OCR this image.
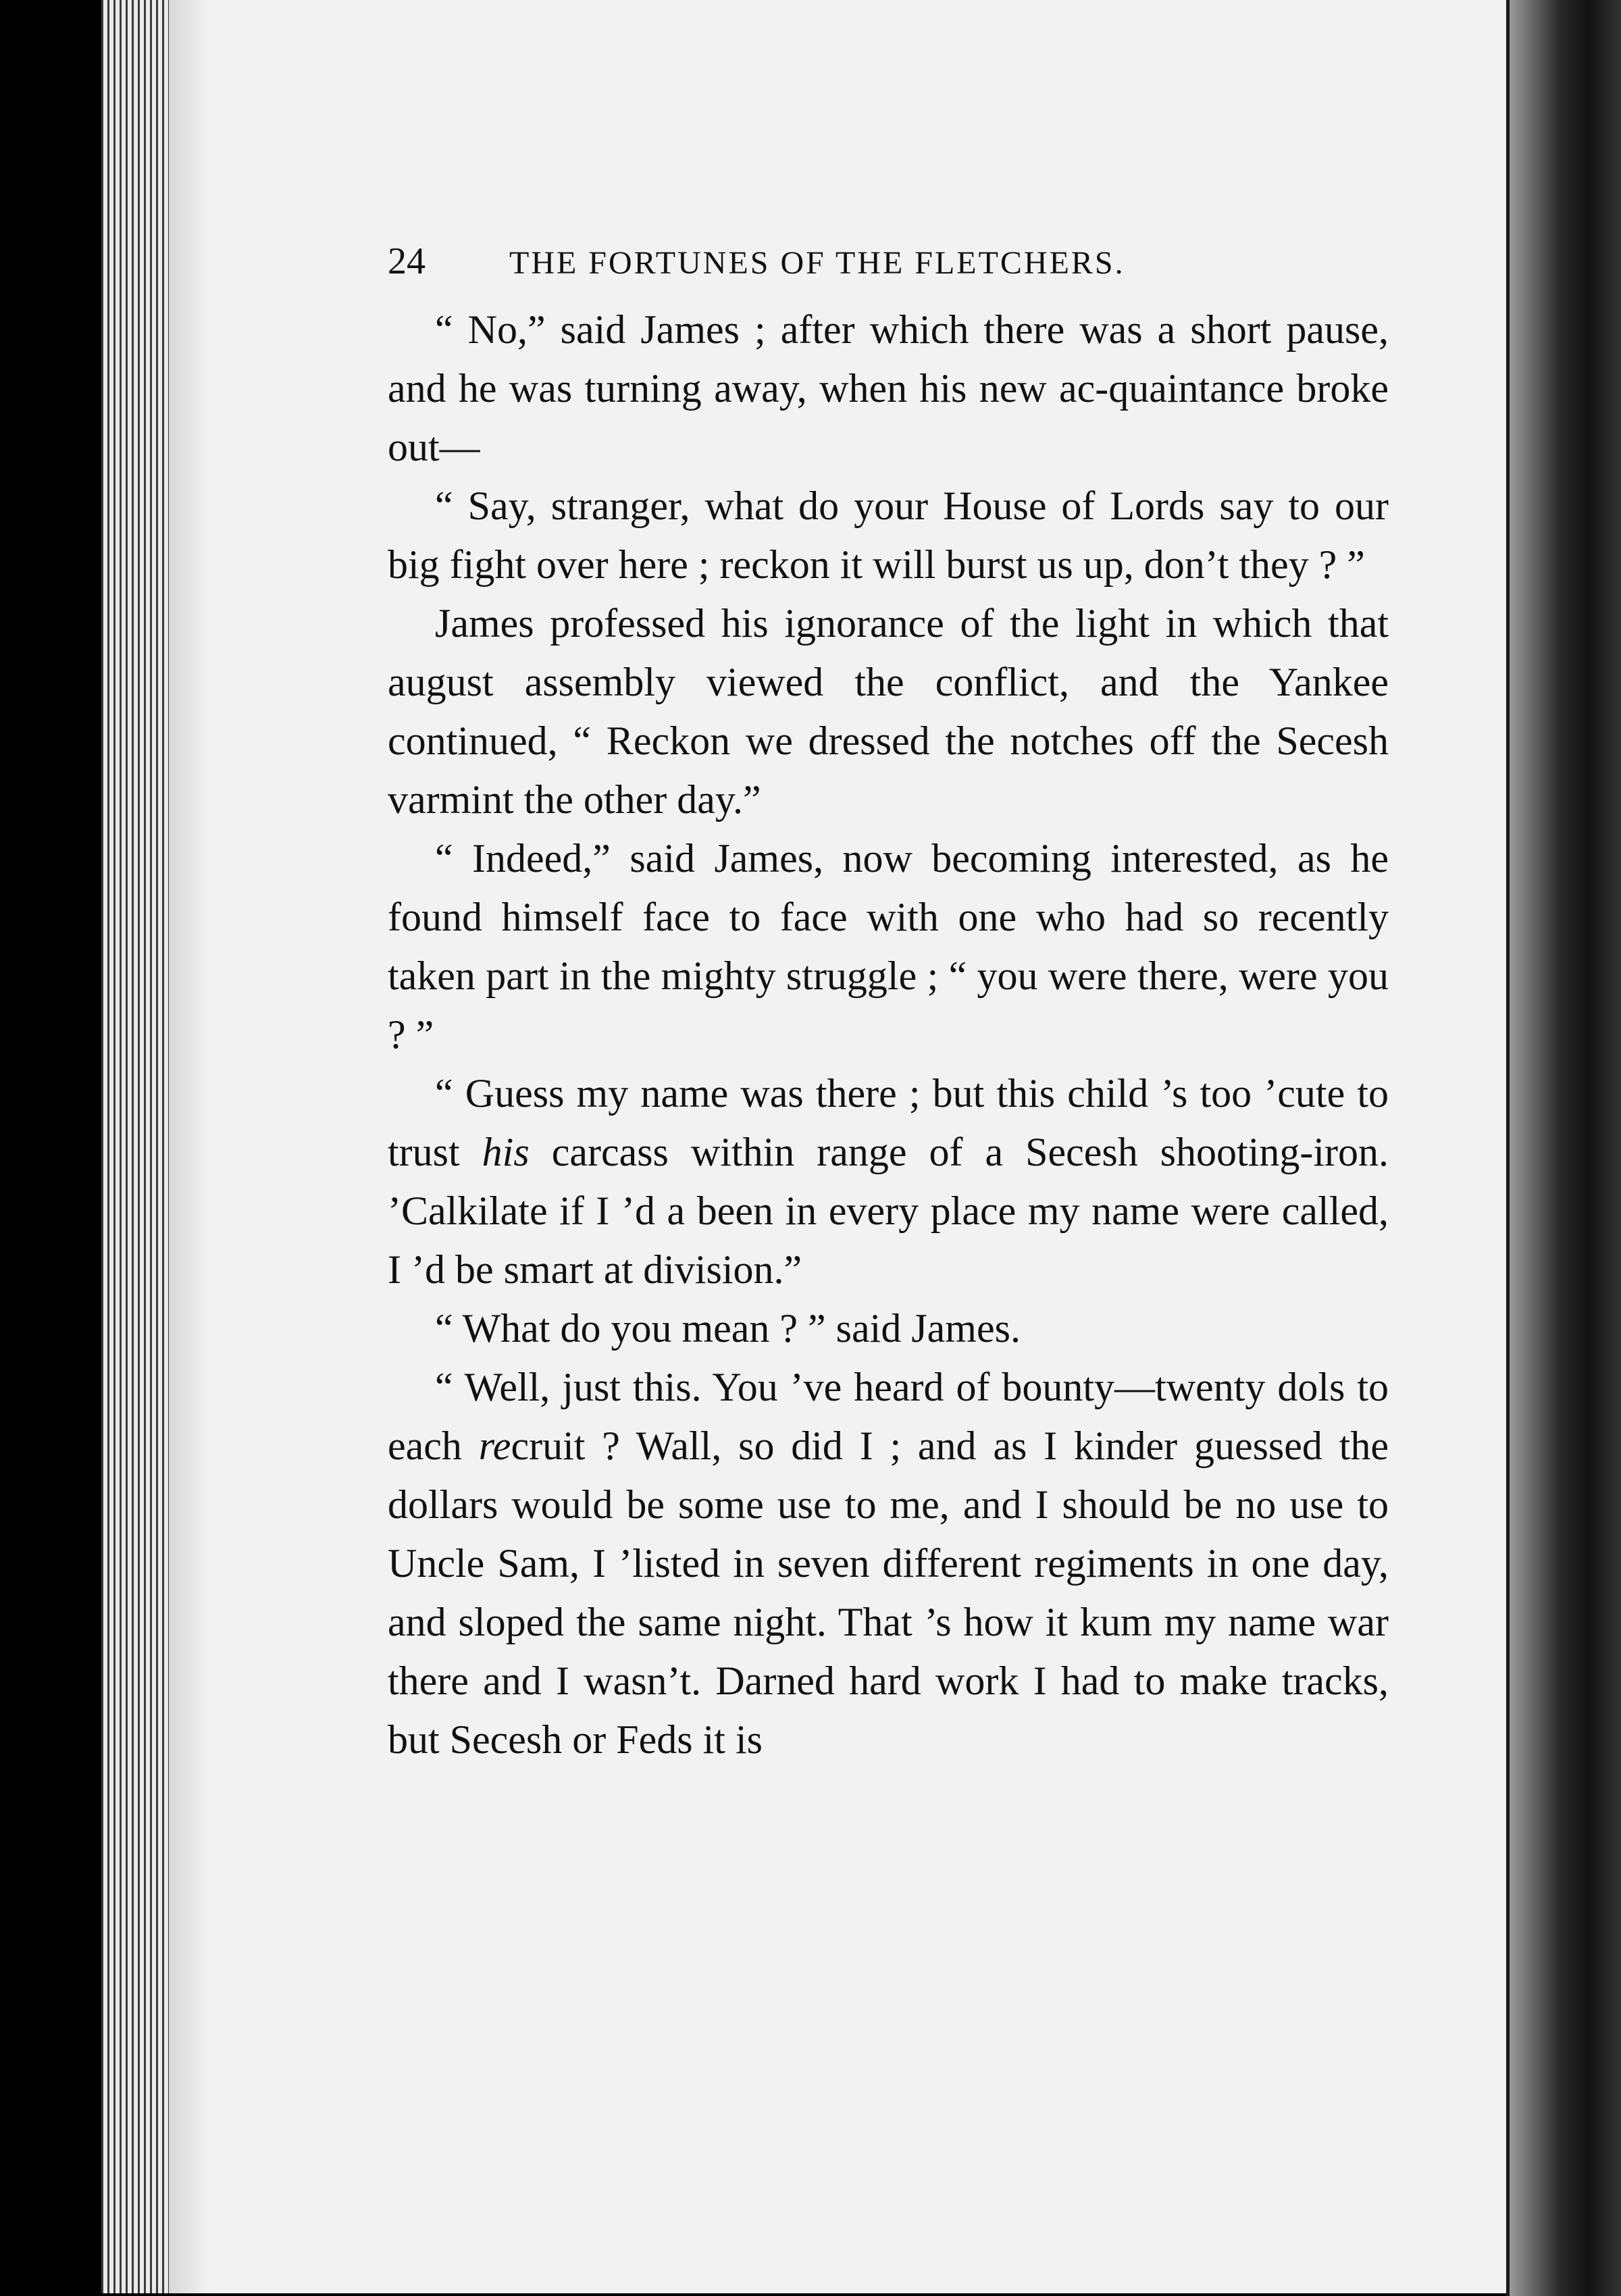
24	THE FORTUNES OF THE FLETCHERS.

“ No,” said James ; after which there was a short pause, and he was turning away, when his new ac-quaintance broke out—

“ Say, stranger, what do your House of Lords say to our big fight over here ; reckon it will burst us up, don’t they ? ”

James professed his ignorance of the light in which that august assembly viewed the conflict, and the Yankee continued, “ Reckon we dressed the notches off the Secesh varmint the other day.”

“ Indeed,” said James, now becoming interested, as he found himself face to face with one who had so recently taken part in the mighty struggle ; “ you were there, were you ? ”

“ Guess my name was there ; but this child ’s too ’cute to trust his carcass within range of a Secesh shooting-iron. ’Calkilate if I ’d a been in every place my name were called, I ’d be smart at division.”

“ What do you mean ? ” said James.

“ Well, just this. You ’ve heard of bounty—twenty dols to each recruit ? Wall, so did I ; and as I kinder guessed the dollars would be some use to me, and I should be no use to Uncle Sam, I ’listed in seven different regiments in one day, and sloped the same night. That ’s how it kum my name war there and I wasn’t. Darned hard work I had to make tracks, but Secesh or Feds it is
